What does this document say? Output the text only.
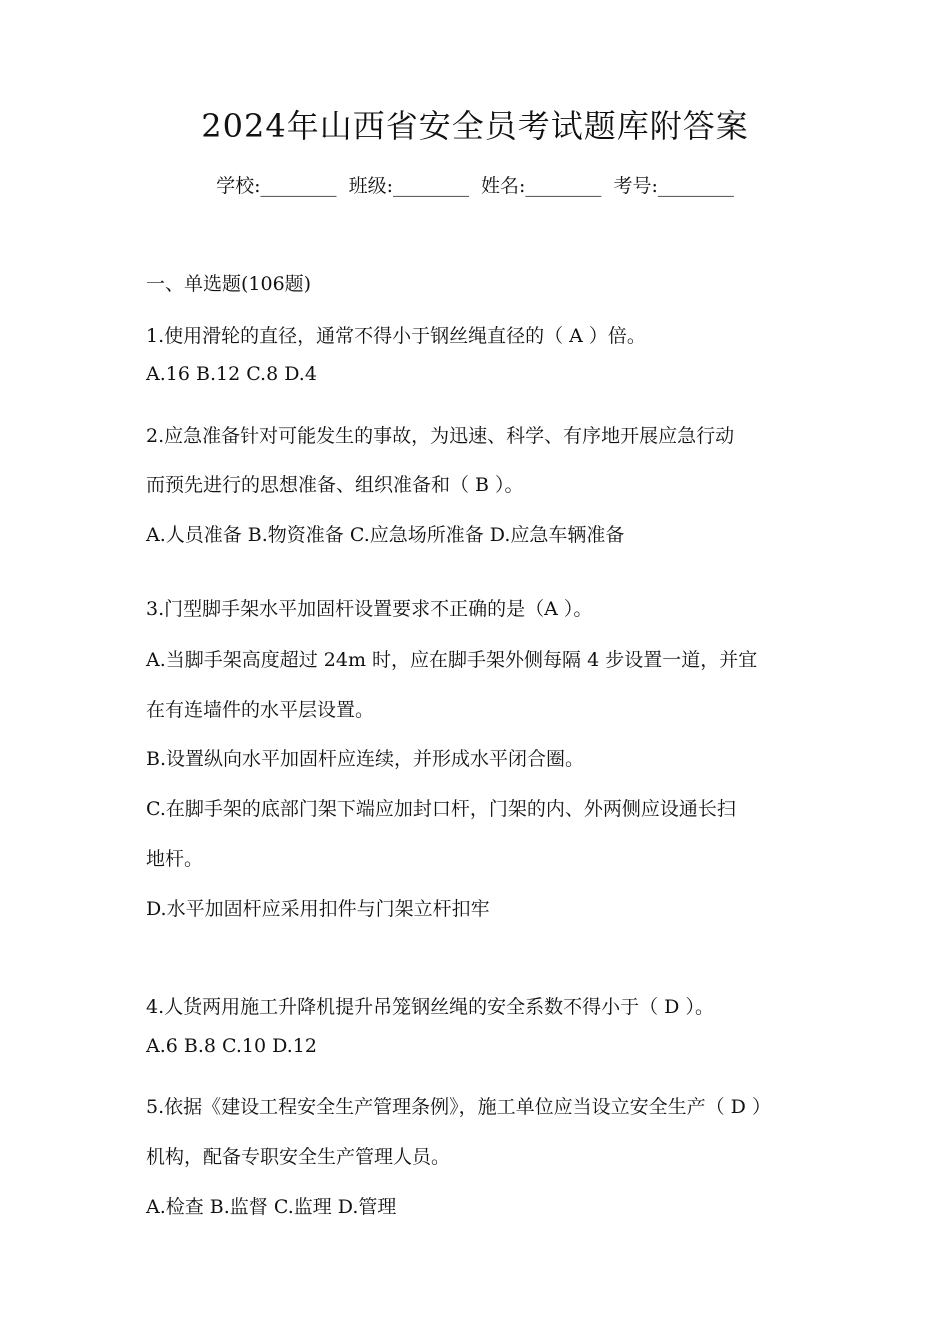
2024年山西省安全员考试题库附答案
学校:________ 班级:________ 姓名:________ 考号:________
一、单选题(106题)
1.使用滑轮的直径，通常不得小于钢丝绳直径的（ A ）倍。
A.16 B.12 C.8 D.4
2.应急准备针对可能发生的事故，为迅速、科学、有序地开展应急行动
而预先进行的思想准备、组织准备和（ B ）。
A.人员准备 B.物资准备 C.应急场所准备 D.应急车辆准备
3.门型脚手架水平加固杆设置要求不正确的是（A ）。
A.当脚手架高度超过 24m 时，应在脚手架外侧每隔 4 步设置一道，并宜
在有连墙件的水平层设置。
B.设置纵向水平加固杆应连续，并形成水平闭合圈。
C.在脚手架的底部门架下端应加封口杆，门架的内、外两侧应设通长扫
地杆。
D.水平加固杆应采用扣件与门架立杆扣牢
4.人货两用施工升降机提升吊笼钢丝绳的安全系数不得小于（ D ）。
A.6 B.8 C.10 D.12
5.依据《建设工程安全生产管理条例》，施工单位应当设立安全生产（ D ）
机构，配备专职安全生产管理人员。
A.检查 B.监督 C.监理 D.管理
